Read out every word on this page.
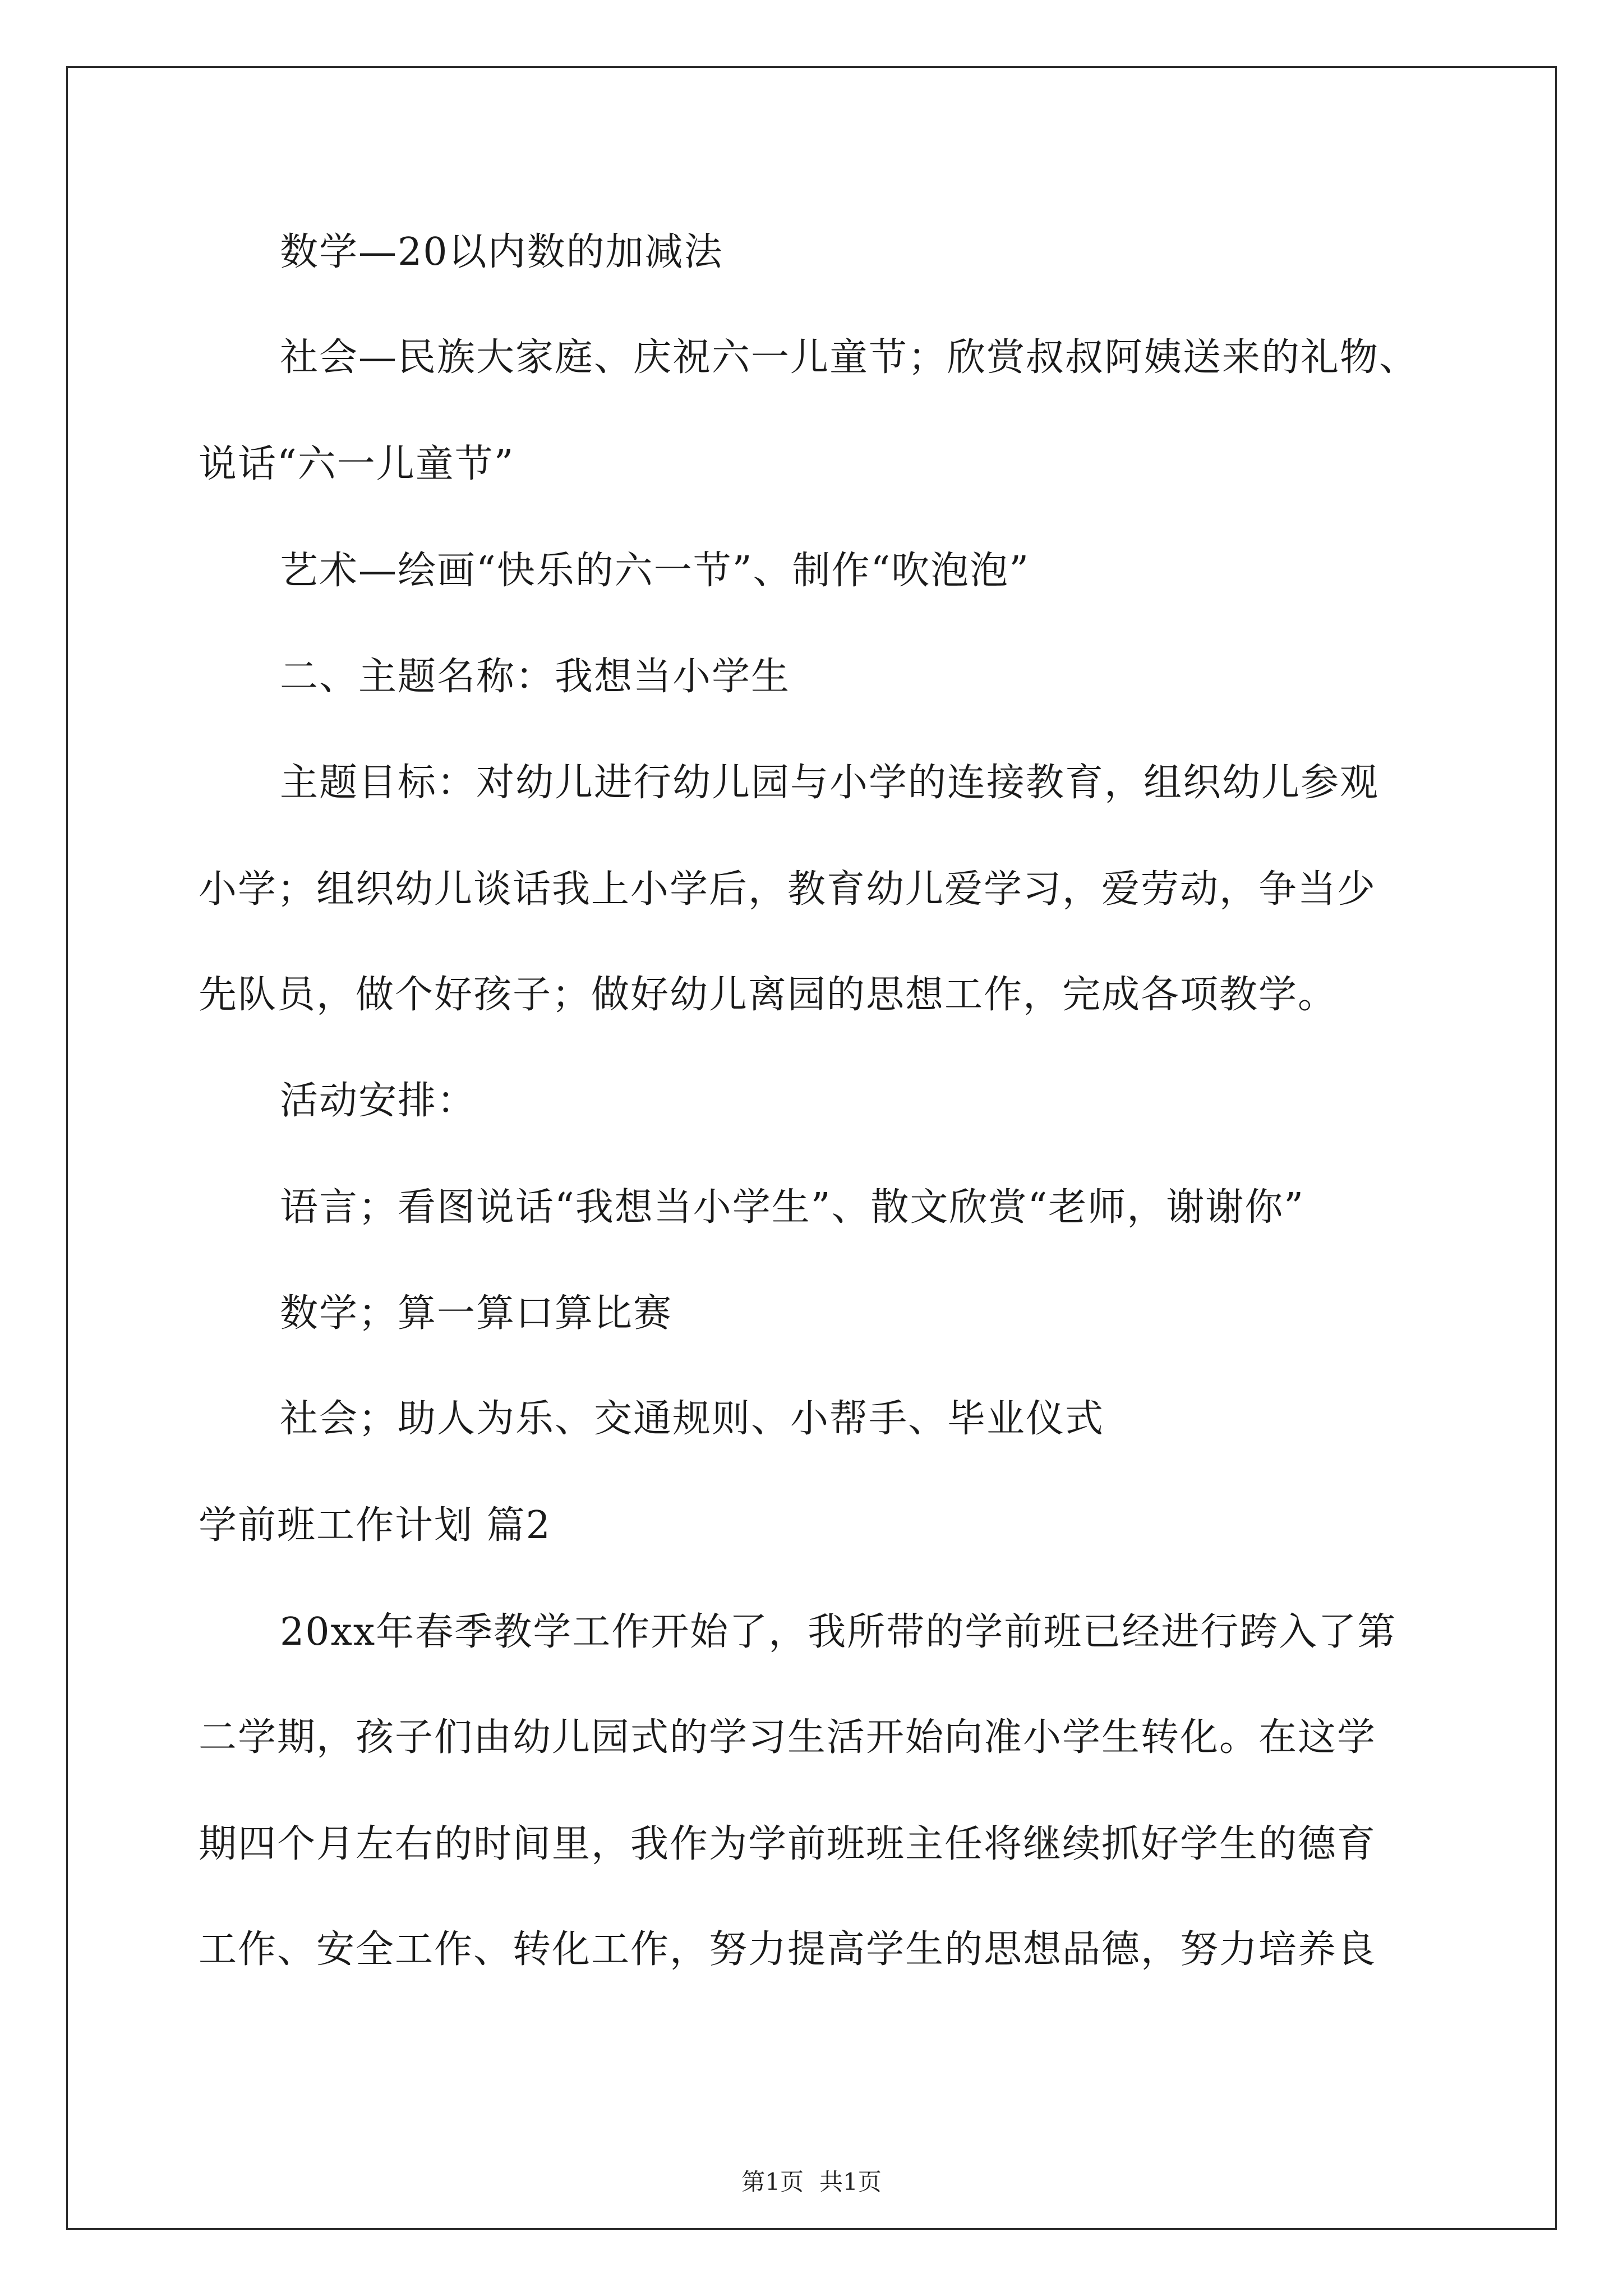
数学—20以内数的加减法
社会—民族大家庭、庆祝六一儿童节；欣赏叔叔阿姨送来的礼物、
说话“六一儿童节”
艺术—绘画“快乐的六一节”、制作“吹泡泡”
二、主题名称：我想当小学生
主题目标：对幼儿进行幼儿园与小学的连接教育，组织幼儿参观
小学；组织幼儿谈话我上小学后，教育幼儿爱学习，爱劳动，争当少
先队员，做个好孩子；做好幼儿离园的思想工作，完成各项教学。
活动安排：
语言；看图说话“我想当小学生”、散文欣赏“老师，谢谢你”
数学；算一算口算比赛
社会；助人为乐、交通规则、小帮手、毕业仪式
学前班工作计划 篇2
20xx年春季教学工作开始了，我所带的学前班已经进行跨入了第
二学期，孩子们由幼儿园式的学习生活开始向准小学生转化。在这学
期四个月左右的时间里，我作为学前班班主任将继续抓好学生的德育
工作、安全工作、转化工作，努力提高学生的思想品德，努力培养良
第1页 共1页
